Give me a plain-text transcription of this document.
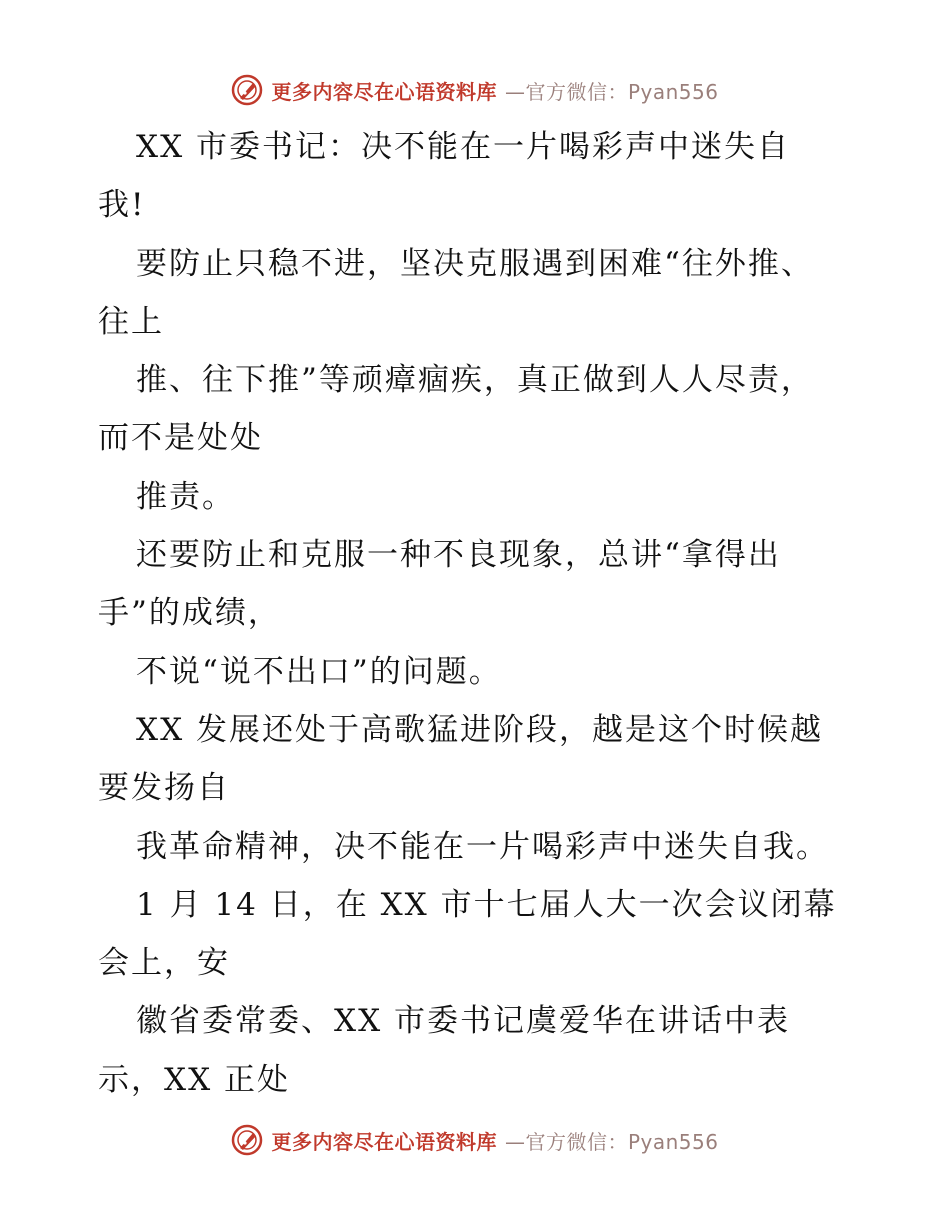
更多内容尽在心语资料库 —官方微信：Pyan556
XX 市委书记：决不能在一片喝彩声中迷失自
我!
要防止只稳不进，坚决克服遇到困难“往外推、
往上
推、往下推”等顽瘴痼疾，真正做到人人尽责，
而不是处处
推责。
还要防止和克服一种不良现象，总讲“拿得出
手”的成绩，
不说“说不出口”的问题。
XX 发展还处于高歌猛进阶段，越是这个时候越
要发扬自
我革命精神，决不能在一片喝彩声中迷失自我。
1 月 14 日，在 XX 市十七届人大一次会议闭幕
会上，安
徽省委常委、XX 市委书记虞爱华在讲话中表
示，XX 正处
更多内容尽在心语资料库 —官方微信：Pyan556
